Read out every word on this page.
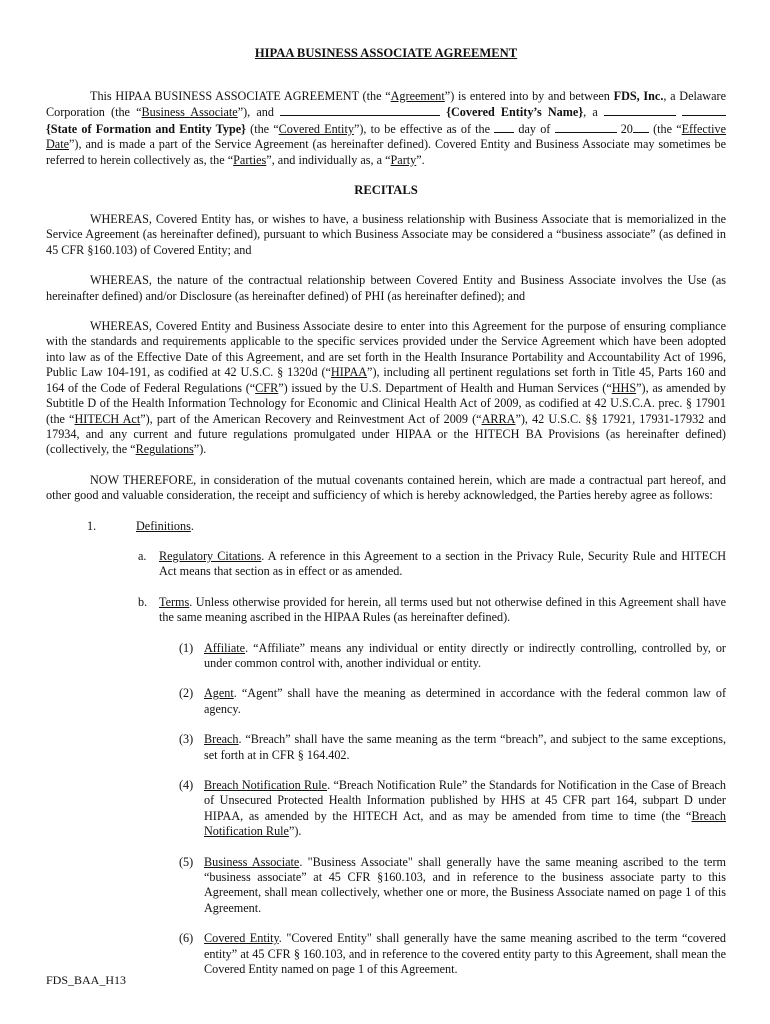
HIPAA BUSINESS ASSOCIATE AGREEMENT

This HIPAA BUSINESS ASSOCIATE AGREEMENT (the “Agreement”) is entered into by and between FDS, Inc., a Delaware Corporation (the “Business Associate”), and	{Covered Entity’s Name}, a   {State of Formation and Entity Type} (the “Covered Entity”), to be effective as of the  day of	20 (the “Effective Date”), and is made a part of the Service Agreement (as hereinafter defined). Covered Entity and Business Associate may sometimes be referred to herein collectively as, the “Parties”, and individually as, a “Party”.

RECITALS

WHEREAS, Covered Entity has, or wishes to have, a business relationship with Business Associate that is memorialized in the Service Agreement (as hereinafter defined), pursuant to which Business Associate may be considered a “business associate” (as defined in 45 CFR §160.103) of Covered Entity; and

WHEREAS, the nature of the contractual relationship between Covered Entity and Business Associate involves the Use (as hereinafter defined) and/or Disclosure (as hereinafter defined) of PHI (as hereinafter defined); and

WHEREAS, Covered Entity and Business Associate desire to enter into this Agreement for the purpose of ensuring compliance with the standards and requirements applicable to the specific services provided under the Service Agreement which have been adopted into law as of the Effective Date of this Agreement, and are set forth in the Health Insurance Portability and Accountability Act of 1996, Public Law 104-191, as codified at 42 U.S.C. § 1320d (“HIPAA”), including all pertinent regulations set forth in Title 45, Parts 160 and 164 of the Code of Federal Regulations (“CFR”) issued by the U.S. Department of Health and Human Services (“HHS”), as amended by Subtitle D of the Health Information Technology for Economic and Clinical Health Act of 2009, as codified at 42 U.S.C.A. prec. § 17901 (the “HITECH Act”), part of the American Recovery and Reinvestment Act of 2009 (“ARRA”), 42 U.S.C. §§ 17921, 17931-17932 and 17934, and any current and future regulations promulgated under HIPAA or the HITECH BA Provisions (as hereinafter defined) (collectively, the “Regulations”).

NOW THEREFORE, in consideration of the mutual covenants contained herein, which are made a contractual part hereof, and other good and valuable consideration, the receipt and sufficiency of which is hereby acknowledged, the Parties hereby agree as follows:

1.	Definitions.

a. Regulatory Citations. A reference in this Agreement to a section in the Privacy Rule, Security Rule and HITECH Act means that section as in effect or as amended.

b. Terms. Unless otherwise provided for herein, all terms used but not otherwise defined in this Agreement shall have the same meaning ascribed in the HIPAA Rules (as hereinafter defined).

(1) Affiliate. “Affiliate” means any individual or entity directly or indirectly controlling, controlled by, or under common control with, another individual or entity.

(2) Agent. “Agent” shall have the meaning as determined in accordance with the federal common law of agency.

(3) Breach. “Breach” shall have the same meaning as the term “breach”, and subject to the same exceptions, set forth at in CFR § 164.402.

(4) Breach Notification Rule. “Breach Notification Rule” the Standards for Notification in the Case of Breach of Unsecured Protected Health Information published by HHS at 45 CFR part 164, subpart D under HIPAA, as amended by the HITECH Act, and as may be amended from time to time (the “Breach Notification Rule”).

(5) Business Associate. "Business Associate" shall generally have the same meaning ascribed to the term “business associate” at 45 CFR §160.103, and in reference to the business associate party to this Agreement, shall mean collectively, whether one or more, the Business Associate named on page 1 of this Agreement.

(6) Covered Entity. "Covered Entity" shall generally have the same meaning ascribed to the term “covered entity” at 45 CFR § 160.103, and in reference to the covered entity party to this Agreement, shall mean the Covered Entity named on page 1 of this Agreement.

FDS_BAA_H13
